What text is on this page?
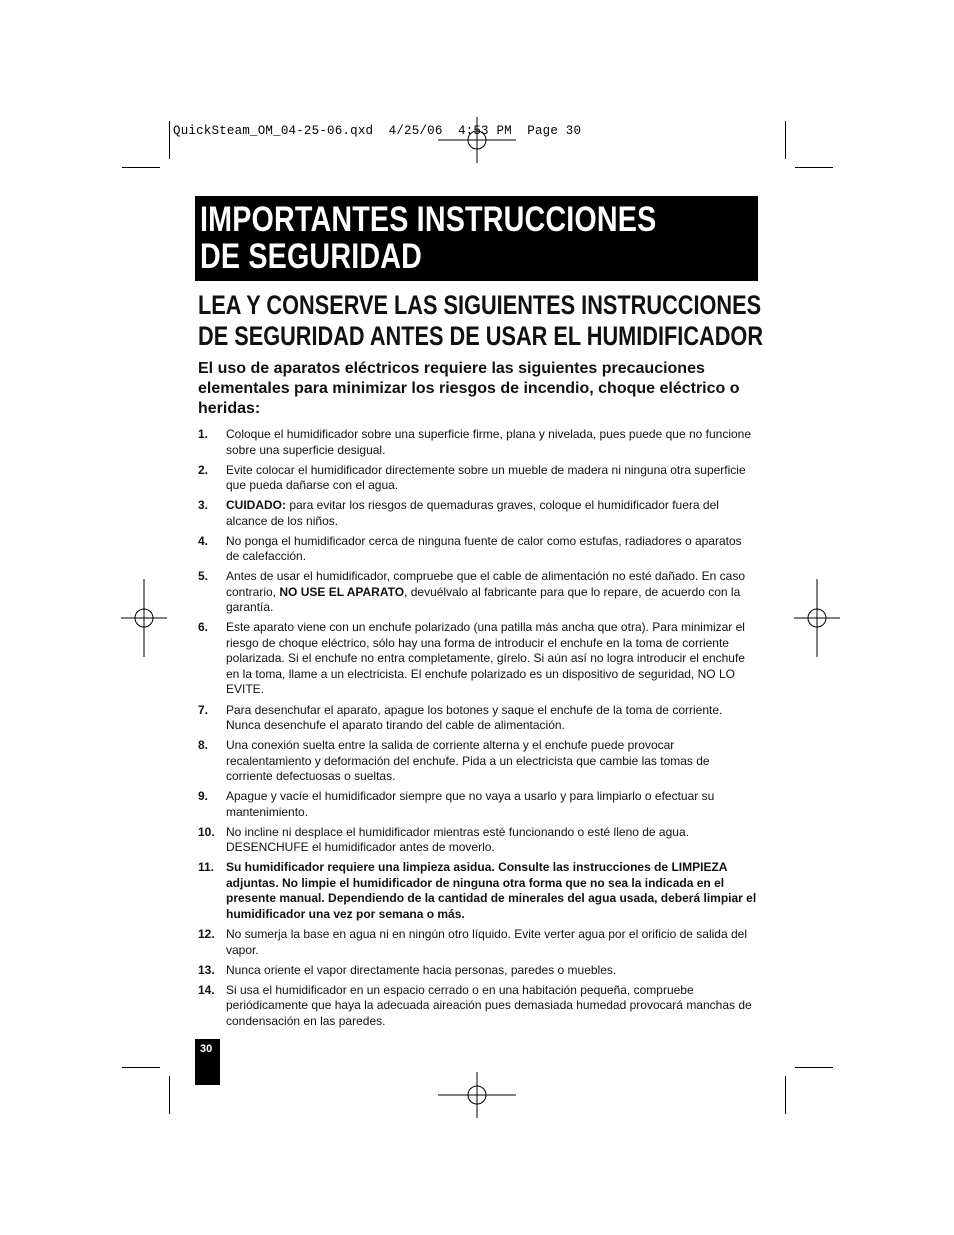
QuickSteam_OM_04-25-06.qxd  4/25/06  4:53 PM  Page 30
IMPORTANTES INSTRUCCIONES
DE SEGURIDAD
LEA Y CONSERVE LAS SIGUIENTES INSTRUCCIONES
DE SEGURIDAD ANTES DE USAR EL HUMIDIFICADOR

El uso de aparatos eléctricos requiere las siguientes precauciones elementales para minimizar los riesgos de incendio, choque eléctrico o heridas:

1.	Coloque el humidificador sobre una superficie firme, plana y nivelada, pues puede que no funcione sobre una superficie desigual.
2.	Evite colocar el humidificador directemente sobre un mueble de madera ni ninguna otra superficie que pueda dañarse con el agua.
3.	CUIDADO: para evitar los riesgos de quemaduras graves, coloque el humidificador fuera del alcance de los niños.
4.	No ponga el humidificador cerca de ninguna fuente de calor como estufas, radiadores o aparatos de calefacción.
5.	Antes de usar el humidificador, compruebe que el cable de alimentación no esté dañado. En caso contrario, NO USE EL APARATO, devuélvalo al fabricante para que lo repare, de acuerdo con la garantía.
6.	Este aparato viene con un enchufe polarizado (una patilla más ancha que otra). Para minimizar el riesgo de choque eléctrico, sólo hay una forma de introducir el enchufe en la toma de corriente polarizada. Si el enchufe no entra completamente, gírelo. Si aún así no logra introducir el enchufe en la toma, llame a un electricista. El enchufe polarizado es un dispositivo de seguridad, NO LO EVITE.
7.	Para desenchufar el aparato, apague los botones y saque el enchufe de la toma de corriente. Nunca desenchufe el aparato tirando del cable de alimentación.
8.	Una conexión suelta entre la salida de corriente alterna y el enchufe puede provocar recalentamiento y deformación del enchufe. Pida a un electricista que cambie las tomas de corriente defectuosas o sueltas.
9.	Apague y vacíe el humidificador siempre que no vaya a usarlo y para limpiarlo o efectuar su mantenimiento.
10. No incline ni desplace el humidificador mientras esté funcionando o esté lleno de agua. DESENCHUFE el humidificador antes de moverlo.
11. Su humidificador requiere una limpieza asidua. Consulte las instrucciones de LIMPIEZA adjuntas. No limpie el humidificador de ninguna otra forma que no sea la indicada en el presente manual. Dependiendo de la cantidad de minerales del agua usada, deberá limpiar el humidificador una vez por semana o más.
12. No sumerja la base en agua ni en ningún otro líquido. Evite verter agua por el orificio de salida del vapor.
13. Nunca oriente el vapor directamente hacia personas, paredes o muebles.
14. Si usa el humidificador en un espacio cerrado o en una habitación pequeña, compruebe periódicamente que haya la adecuada aireación pues demasiada humedad provocará manchas de condensación en las paredes.
30
